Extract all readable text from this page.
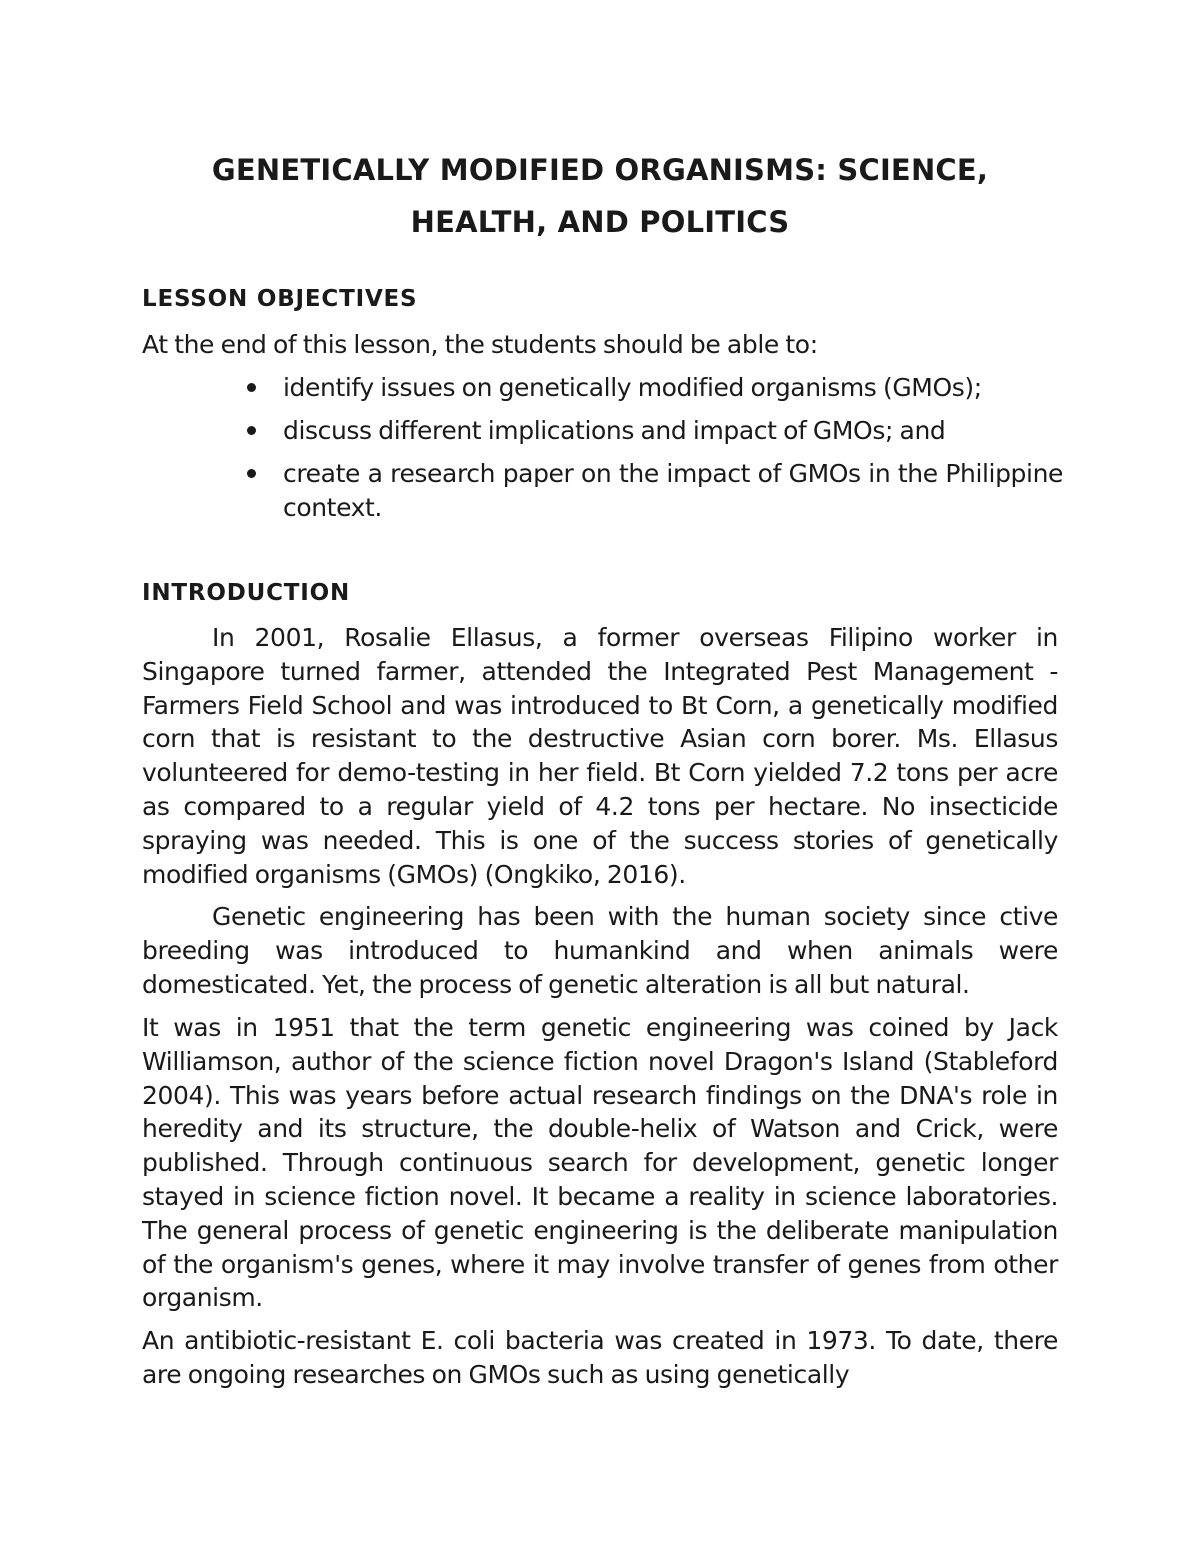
GENETICALLY MODIFIED ORGANISMS: SCIENCE,
HEALTH, AND POLITICS
LESSON OBJECTIVES
At the end of this lesson, the students should be able to:
identify issues on genetically modified organisms (GMOs);
discuss different implications and impact of GMOs; and
create a research paper on the impact of GMOs in the Philippine context.
INTRODUCTION

In 2001, Rosalie Ellasus, a former overseas Filipino worker in Singapore turned farmer, attended the Integrated Pest Management - Farmers Field School and was introduced to Bt Corn, a genetically modified corn that is resistant to the destructive Asian corn borer. Ms. Ellasus volunteered for demo-testing in her field. Bt Corn yielded 7.2 tons per acre as compared to a regular yield of 4.2 tons per hectare. No insecticide spraying was needed. This is one of the success stories of genetically modified organisms (GMOs) (Ongkiko, 2016).

Genetic engineering has been with the human society since ctive breeding was introduced to humankind and when animals were domesticated. Yet, the process of genetic alteration is all but natural.

It was in 1951 that the term genetic engineering was coined by Jack Williamson, author of the science fiction novel Dragon's Island (Stableford 2004). This was years before actual research findings on the DNA's role in heredity and its structure, the double-helix of Watson and Crick, were published. Through continuous search for development, genetic longer stayed in science fiction novel. It became a reality in science laboratories. The general process of genetic engineering is the deliberate manipulation of the organism's genes, where it may involve transfer of genes from other organism.

An antibiotic-resistant E. coli bacteria was created in 1973. To date, there are ongoing researches on GMOs such as using genetically
